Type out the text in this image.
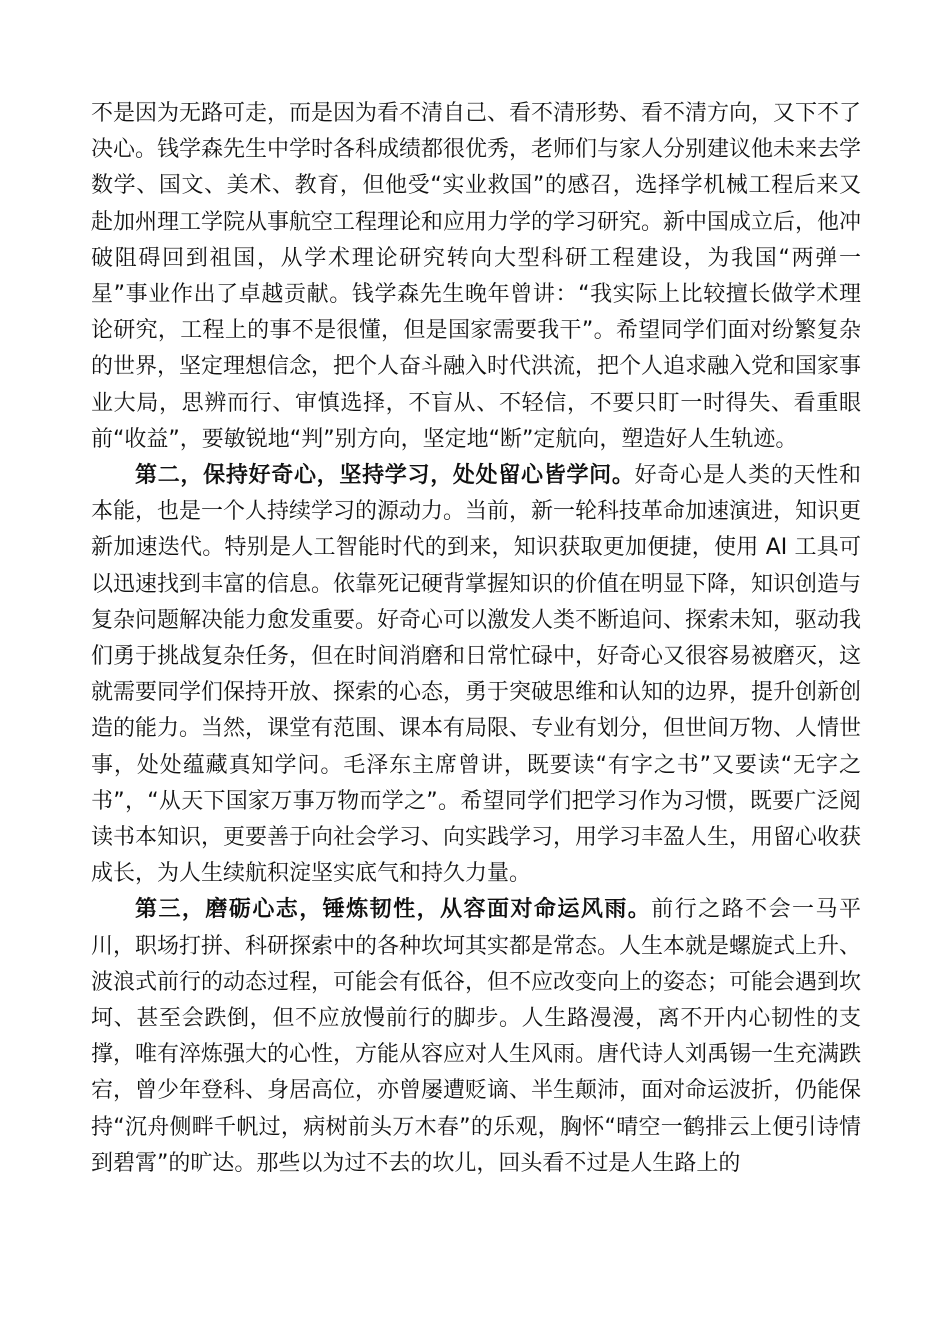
不是因为无路可走，而是因为看不清自己、看不清形势、看不清方向，又下不了决心。钱学森先生中学时各科成绩都很优秀，老师们与家人分别建议他未来去学数学、国文、美术、教育，但他受“实业救国”的感召，选择学机械工程后来又赴加州理工学院从事航空工程理论和应用力学的学习研究。新中国成立后，他冲破阻碍回到祖国，从学术理论研究转向大型科研工程建设，为我国“两弹一星”事业作出了卓越贡献。钱学森先生晚年曾讲：“我实际上比较擅长做学术理论研究，工程上的事不是很懂，但是国家需要我干”。希望同学们面对纷繁复杂的世界，坚定理想信念，把个人奋斗融入时代洪流，把个人追求融入党和国家事业大局，思辨而行、审慎选择，不盲从、不轻信，不要只盯一时得失、看重眼前“收益”，要敏锐地“判”别方向，坚定地“断”定航向，塑造好人生轨迹。

第二，保持好奇心，坚持学习，处处留心皆学问。好奇心是人类的天性和本能，也是一个人持续学习的源动力。当前，新一轮科技革命加速演进，知识更新加速迭代。特别是人工智能时代的到来，知识获取更加便捷，使用 AI 工具可以迅速找到丰富的信息。依靠死记硬背掌握知识的价值在明显下降，知识创造与复杂问题解决能力愈发重要。好奇心可以激发人类不断追问、探索未知，驱动我们勇于挑战复杂任务，但在时间消磨和日常忙碌中，好奇心又很容易被磨灭，这就需要同学们保持开放、探索的心态，勇于突破思维和认知的边界，提升创新创造的能力。当然，课堂有范围、课本有局限、专业有划分，但世间万物、人情世事，处处蕴藏真知学问。毛泽东主席曾讲，既要读“有字之书”又要读“无字之书”，“从天下国家万事万物而学之”。希望同学们把学习作为习惯，既要广泛阅读书本知识，更要善于向社会学习、向实践学习，用学习丰盈人生，用留心收获成长，为人生续航积淀坚实底气和持久力量。

第三，磨砺心志，锤炼韧性，从容面对命运风雨。前行之路不会一马平川，职场打拼、科研探索中的各种坎坷其实都是常态。人生本就是螺旋式上升、波浪式前行的动态过程，可能会有低谷，但不应改变向上的姿态；可能会遇到坎坷、甚至会跌倒，但不应放慢前行的脚步。人生路漫漫，离不开内心韧性的支撑，唯有淬炼强大的心性，方能从容应对人生风雨。唐代诗人刘禹锡一生充满跌宕，曾少年登科、身居高位，亦曾屡遭贬谪、半生颠沛，面对命运波折，仍能保持“沉舟侧畔千帆过，病树前头万木春”的乐观，胸怀“晴空一鹤排云上便引诗情到碧霄”的旷达。那些以为过不去的坎儿，回头看不过是人生路上的
